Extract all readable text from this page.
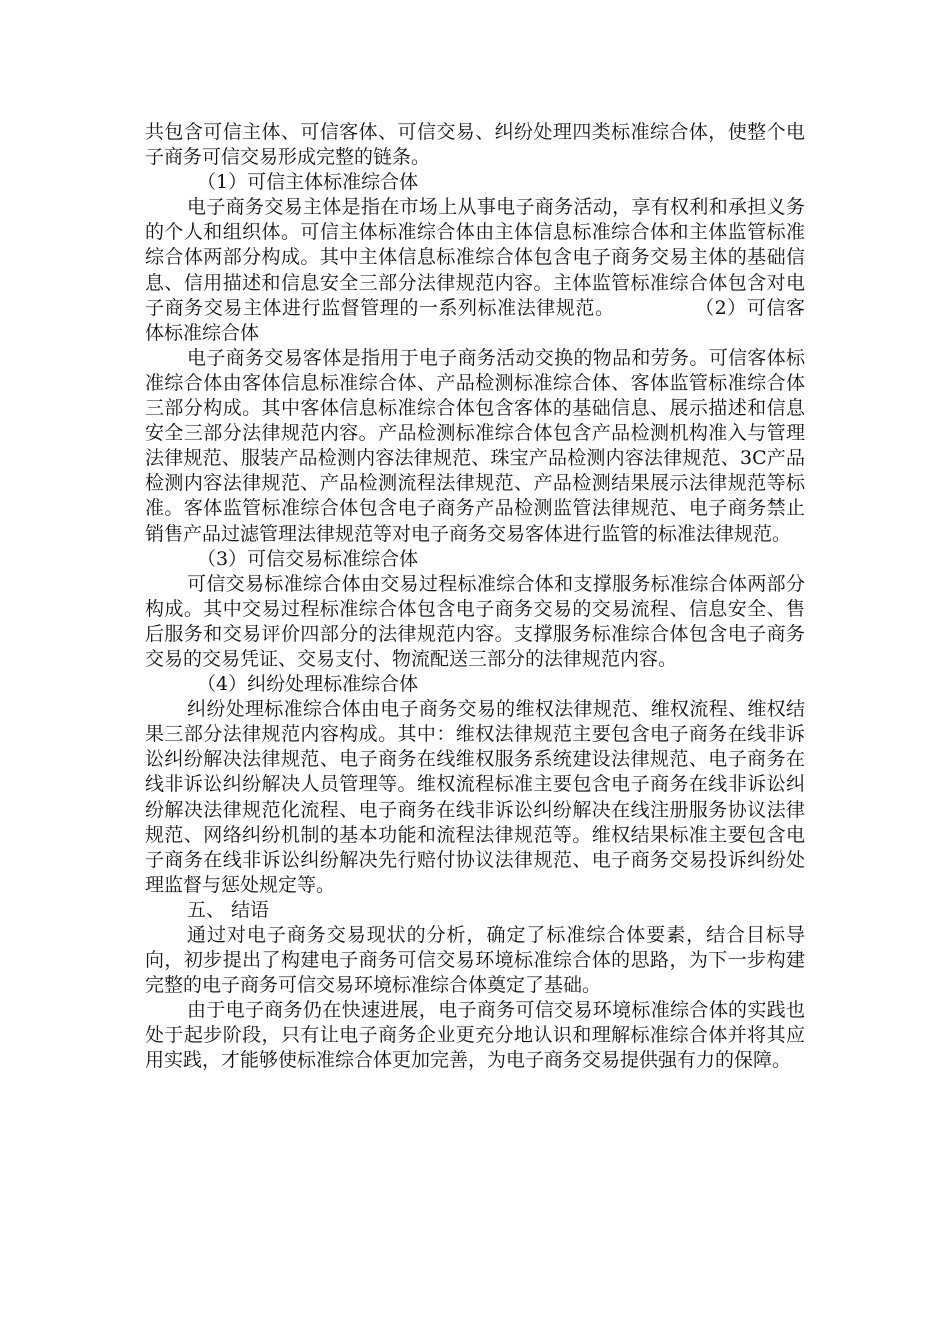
共包含可信主体、可信客体、可信交易、纠纷处理四类标准综合体，使整个电子商务可信交易形成完整的链条。

（1）可信主体标准综合体

电子商务交易主体是指在市场上从事电子商务活动，享有权利和承担义务的个人和组织体。可信主体标准综合体由主体信息标准综合体和主体监管标准综合体两部分构成。其中主体信息标准综合体包含电子商务交易主体的基础信息、信用描述和信息安全三部分法律规范内容。主体监管标准综合体包含对电子商务交易主体进行监督管理的一系列标准法律规范。	（2）可信客体标准综合体

电子商务交易客体是指用于电子商务活动交换的物品和劳务。可信客体标准综合体由客体信息标准综合体、产品检测标准综合体、客体监管标准综合体三部分构成。其中客体信息标准综合体包含客体的基础信息、展示描述和信息安全三部分法律规范内容。产品检测标准综合体包含产品检测机构准入与管理法律规范、服装产品检测内容法律规范、珠宝产品检测内容法律规范、3C产品检测内容法律规范、产品检测流程法律规范、产品检测结果展示法律规范等标准。客体监管标准综合体包含电子商务产品检测监管法律规范、电子商务禁止销售产品过滤管理法律规范等对电子商务交易客体进行监管的标准法律规范。

（3）可信交易标准综合体

可信交易标准综合体由交易过程标准综合体和支撑服务标准综合体两部分构成。其中交易过程标准综合体包含电子商务交易的交易流程、信息安全、售后服务和交易评价四部分的法律规范内容。支撑服务标准综合体包含电子商务交易的交易凭证、交易支付、物流配送三部分的法律规范内容。

（4）纠纷处理标准综合体

纠纷处理标准综合体由电子商务交易的维权法律规范、维权流程、维权结果三部分法律规范内容构成。其中：维权法律规范主要包含电子商务在线非诉讼纠纷解决法律规范、电子商务在线维权服务系统建设法律规范、电子商务在线非诉讼纠纷解决人员管理等。维权流程标准主要包含电子商务在线非诉讼纠纷解决法律规范化流程、电子商务在线非诉讼纠纷解决在线注册服务协议法律规范、网络纠纷机制的基本功能和流程法律规范等。维权结果标准主要包含电子商务在线非诉讼纠纷解决先行赔付协议法律规范、电子商务交易投诉纠纷处理监督与惩处规定等。

五、 结语

通过对电子商务交易现状的分析，确定了标准综合体要素，结合目标导向，初步提出了构建电子商务可信交易环境标准综合体的思路，为下一步构建完整的电子商务可信交易环境标准综合体奠定了基础。

由于电子商务仍在快速进展，电子商务可信交易环境标准综合体的实践也处于起步阶段，只有让电子商务企业更充分地认识和理解标准综合体并将其应用实践，才能够使标准综合体更加完善，为电子商务交易提供强有力的保障。
